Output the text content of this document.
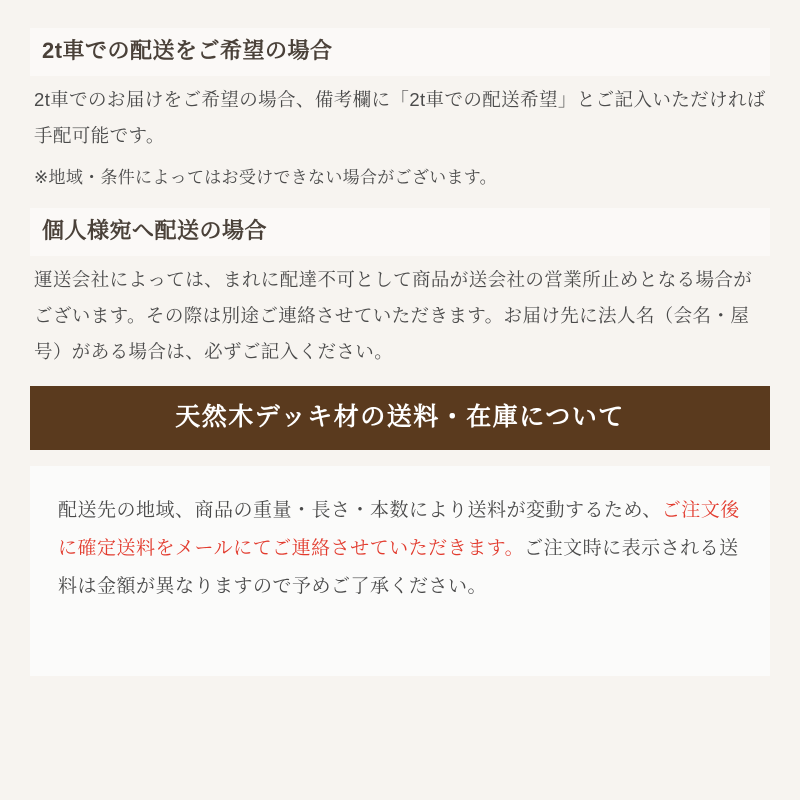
2t車での配送をご希望の場合
2t車でのお届けをご希望の場合、備考欄に「2t車での配送希望」とご記入いただければ手配可能です。
※地域・条件によってはお受けできない場合がございます。
個人様宛へ配送の場合
運送会社によっては、まれに配達不可として商品が送会社の営業所止めとなる場合がございます。その際は別途ご連絡させていただきます。お届け先に法人名（会名・屋号）がある場合は、必ずご記入ください。
天然木デッキ材の送料・在庫について

配送先の地域、商品の重量・長さ・本数により送料が変動するため、ご注文後に確定送料をメールにてご連絡させていただきます。ご注文時に表示される送料は金額が異なりますので予めご了承ください。
